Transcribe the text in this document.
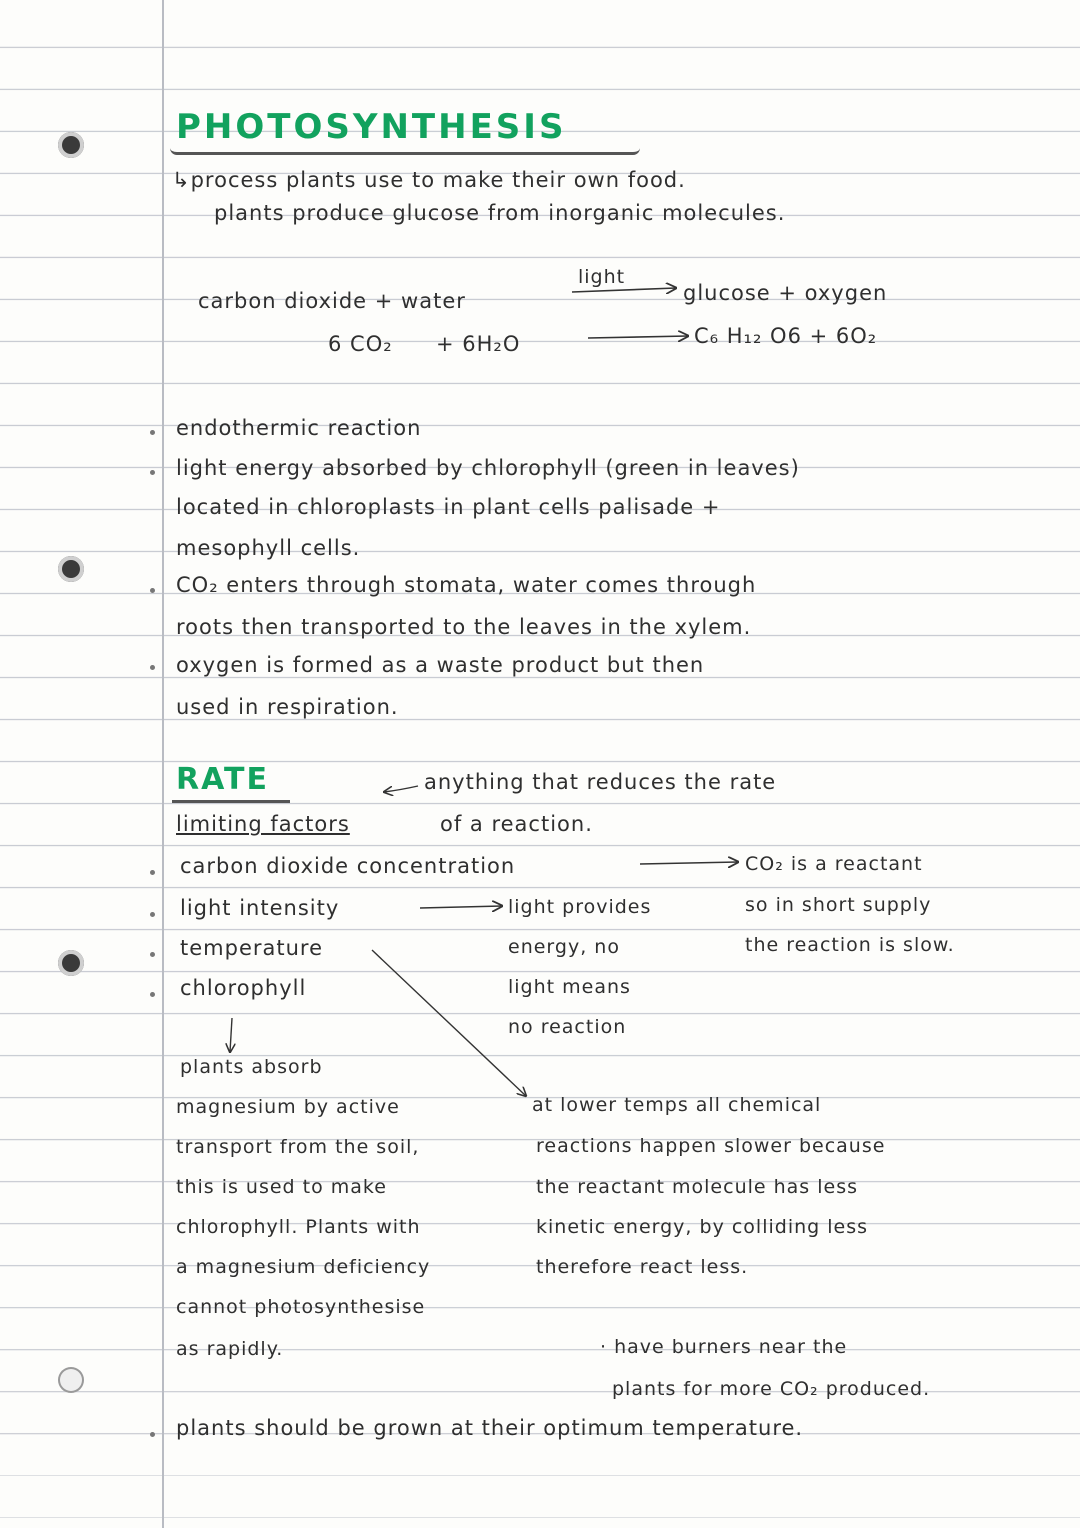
PHOTOSYNTHESIS
↳process plants use to make their own food.
plants produce glucose from inorganic molecules.
light
carbon dioxide + water	glucose + oxygen
6 CO₂ + 6H₂O	C₆ H₁₂ O6 + 6O₂
endothermic reaction
light energy absorbed by chlorophyll (green in leaves)
located in chloroplasts in plant cells palisade +
mesophyll cells.
CO₂ enters through stomata, water comes through
roots then transported to the leaves in the xylem.
oxygen is formed as a waste product but then
used in respiration.
RATE	anything that reduces the rate
of a reaction.
limiting factors
carbon dioxide concentration
light intensity
temperature
chlorophyll
CO₂ is a reactant
so in short supply
the reaction is slow.
light provides
energy, no
light means
no reaction
plants absorb
magnesium by active
transport from the soil,
this is used to make
chlorophyll. Plants with
a magnesium deficiency
cannot photosynthesise
as rapidly.
at lower temps all chemical
reactions happen slower because
the reactant molecule has less
kinetic energy, by colliding less
therefore react less.
· have burners near the
plants for more CO₂ produced.
plants should be grown at their optimum temperature.
